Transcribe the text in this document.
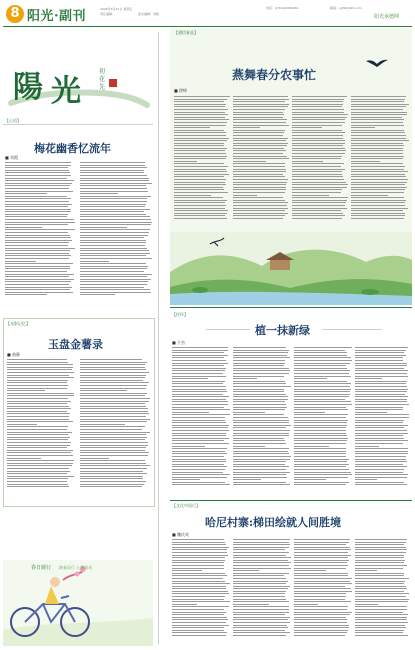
8 阳光·副刊	2025年3月21日 星期五
责任编辑：	美术编辑：刘俊
电话：(0314)2080230	邮箱：ygfk@163.com
阳光承德网
陽 光
初
花
先
【心语】
梅花幽香忆流年
■ 刘霞
【光影记忆】
玉盘金薯录
■ 曲静
春日骑行 踏春而行 心随风动
【感悟春意】
燕舞春分农事忙
■ 徐峥
【抒怀】
植一抹新绿
■ 于杰
【文化中国行】
哈尼村寨:梯田绘就人间胜境
■ 魏庆英
